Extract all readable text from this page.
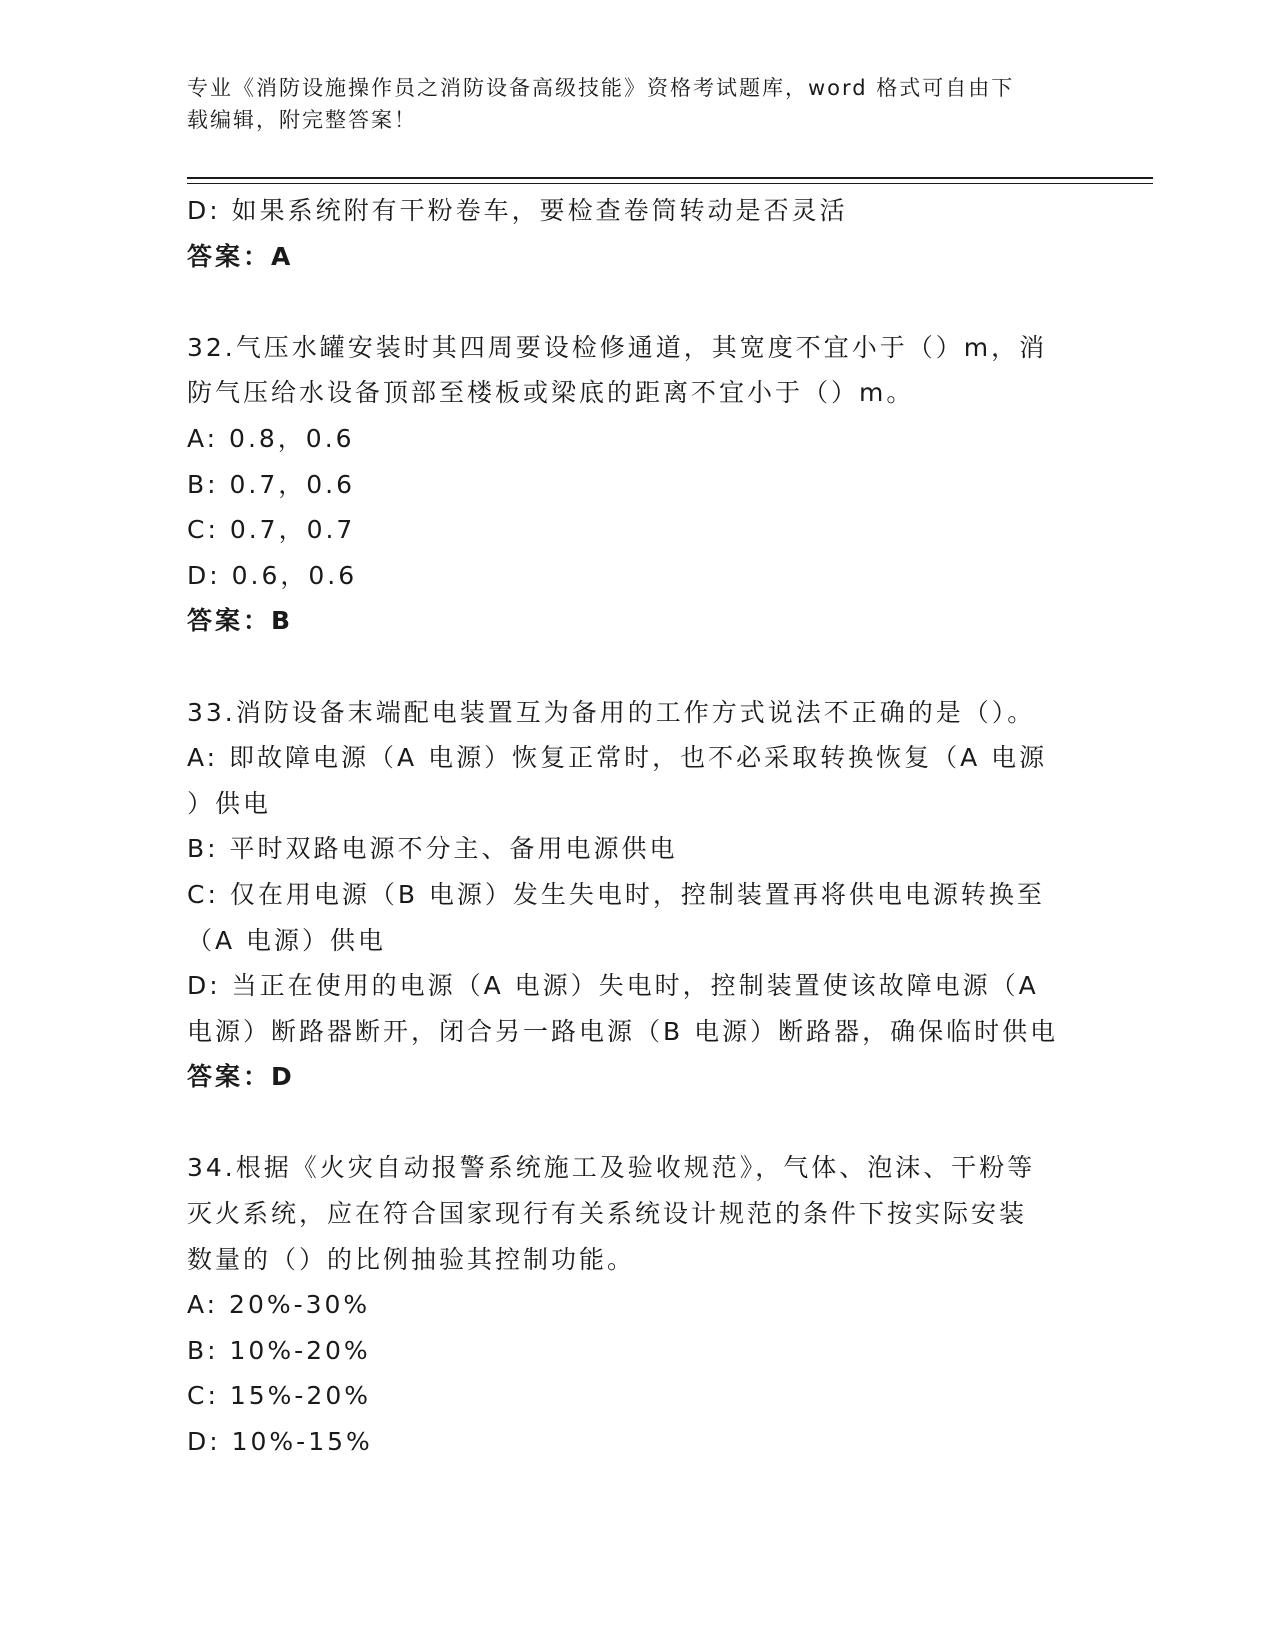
专业《消防设施操作员之消防设备高级技能》资格考试题库，word 格式可自由下
载编辑，附完整答案！
D: 如果系统附有干粉卷车，要检查卷筒转动是否灵活
答案：A
32.气压水罐安装时其四周要设检修通道，其宽度不宜小于（）m，消
防气压给水设备顶部至楼板或梁底的距离不宜小于（）m。
A: 0.8，0.6
B: 0.7，0.6
C: 0.7，0.7
D: 0.6，0.6
答案：B
33.消防设备末端配电装置互为备用的工作方式说法不正确的是（）。
A: 即故障电源（A 电源）恢复正常时，也不必采取转换恢复（A 电源
）供电
B: 平时双路电源不分主、备用电源供电
C: 仅在用电源（B 电源）发生失电时，控制装置再将供电电源转换至
（A 电源）供电
D: 当正在使用的电源（A 电源）失电时，控制装置使该故障电源（A
电源）断路器断开，闭合另一路电源（B 电源）断路器，确保临时供电
答案：D
34.根据《火灾自动报警系统施工及验收规范》，气体、泡沫、干粉等
灭火系统，应在符合国家现行有关系统设计规范的条件下按实际安装
数量的（）的比例抽验其控制功能。
A: 20%-30%
B: 10%-20%
C: 15%-20%
D: 10%-15%
